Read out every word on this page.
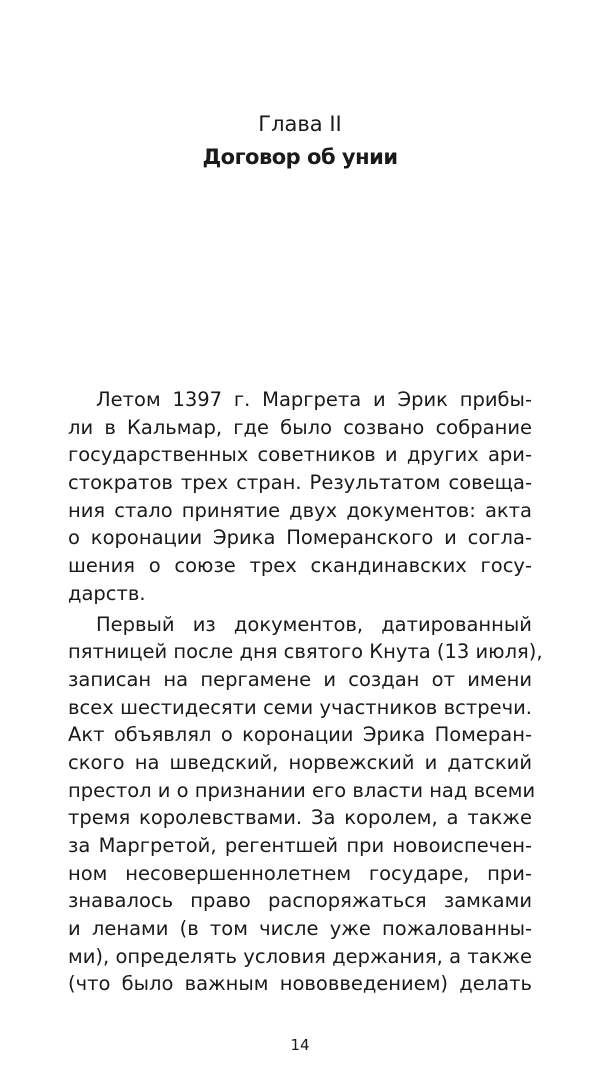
Глава II
Договор об унии
Летом 1397 г. Маргрета и Эрик прибы-
ли в Кальмар, где было созвано собрание
государственных советников и других ари-
стократов трех стран. Результатом совеща-
ния стало принятие двух документов: акта
о коронации Эрика Померанского и согла-
шения о союзе трех скандинавских госу-
дарств.
Первый из документов, датированный
пятницей после дня святого Кнута (13 июля),
записан на пергамене и создан от имени
всех шестидесяти семи участников встречи.
Акт объявлял о коронации Эрика Померан-
ского на шведский, норвежский и датский
престол и о признании его власти над всеми
тремя королевствами. За королем, а также
за Маргретой, регентшей при новоиспечен-
ном несовершеннолетнем государе, при-
знавалось право распоряжаться замками
и ленами (в том числе уже пожалованны-
ми), определять условия держания, а также
(что было важным нововведением) делать
14
